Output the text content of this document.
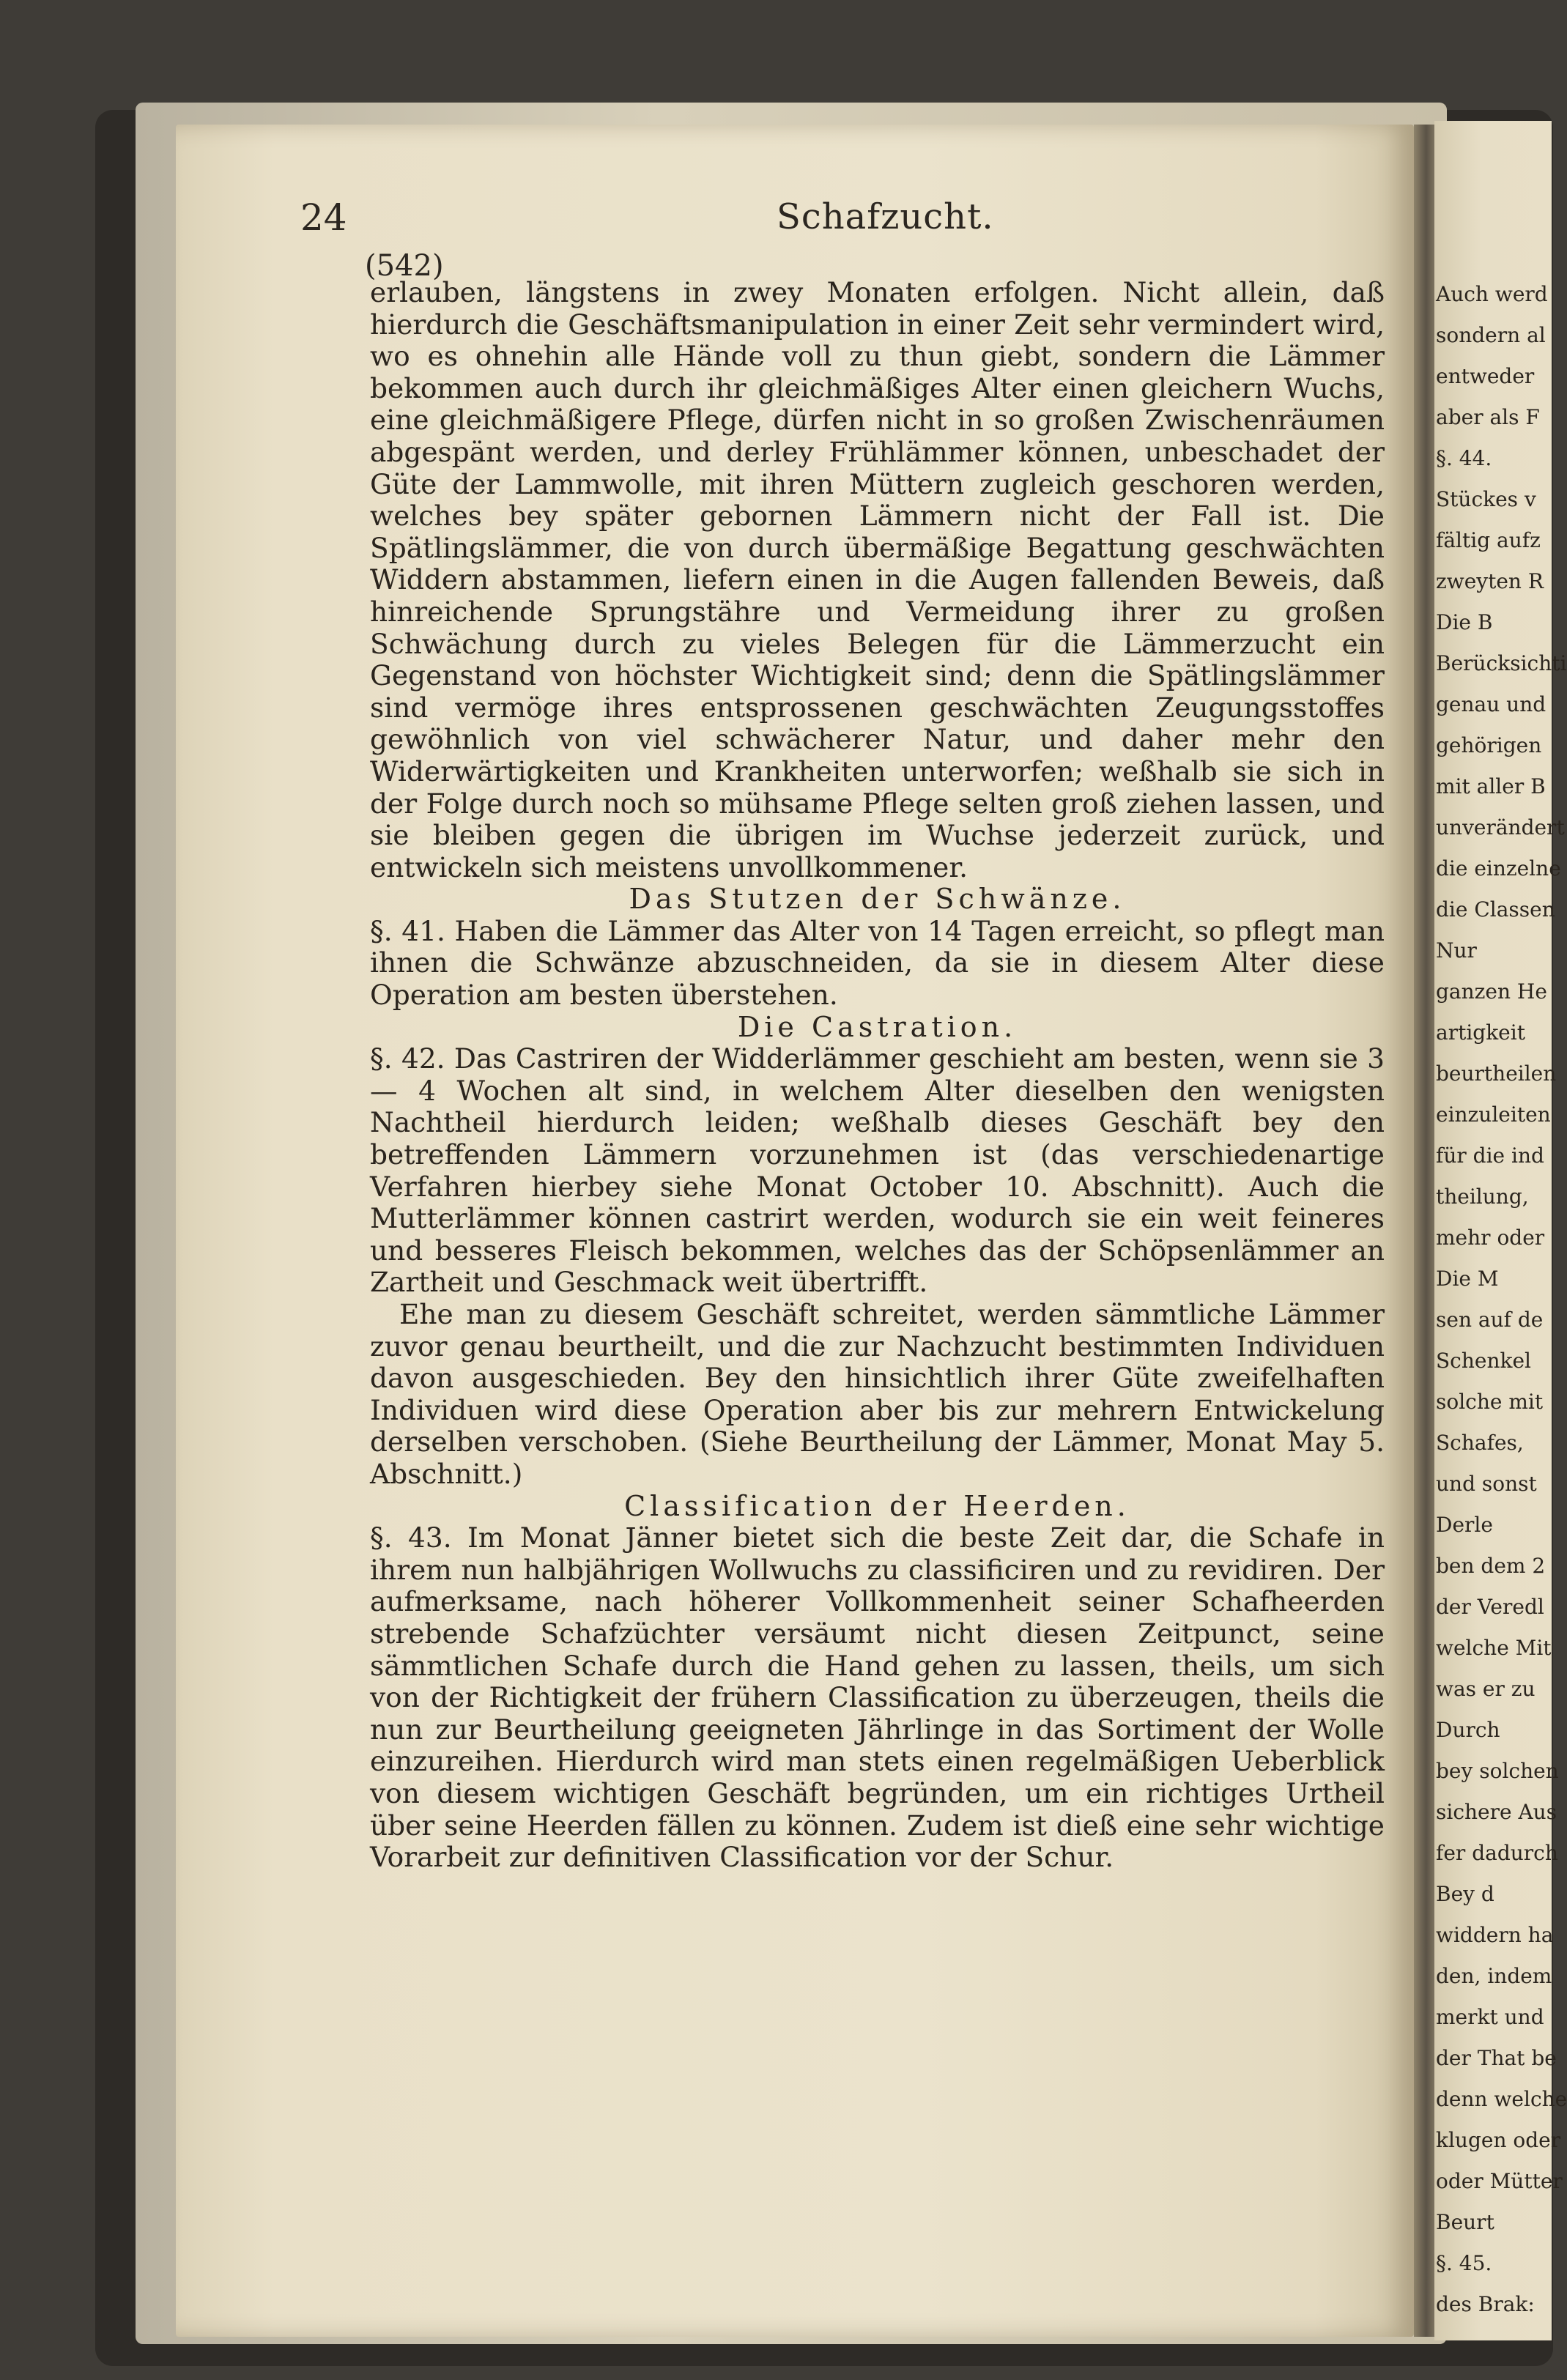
Auch werd
sondern al
entweder
aber als F
§. 44.
Stückes v
fältig aufz
zweyten R
Die B
Berücksichti
genau und
gehörigen
mit aller B
unverändert
die einzelne
die Classen
Nur
ganzen He
artigkeit
beurtheilen
einzuleiten
für die ind
theilung,
mehr oder
Die M
sen auf de
Schenkel
solche mit
Schafes,
und sonst
Derle
ben dem 2
der Veredl
welche Mit
was er zu
Durch
bey solchen
sichere Aus
fer dadurch
Bey d
widdern ha
den, indem
merkt und
der That be
denn welche
klugen oder
oder Mütter
Beurt
§. 45.
des Brak:
24	Schafzucht.
(542)

erlauben, längstens in zwey Monaten erfolgen. Nicht allein, daß hierdurch die Geschäftsmanipulation in einer Zeit sehr vermindert wird, wo es ohnehin alle Hände voll zu thun giebt, sondern die Lämmer bekommen auch durch ihr gleichmäßiges Alter einen gleichern Wuchs, eine gleichmäßigere Pflege, dürfen nicht in so großen Zwischenräumen abgespänt werden, und derley Frühlämmer können, unbeschadet der Güte der Lammwolle, mit ihren Müttern zugleich geschoren werden, welches bey später gebornen Lämmern nicht der Fall ist. Die Spätlingslämmer, die von durch übermäßige Begattung geschwächten Widdern abstammen, liefern einen in die Augen fallenden Beweis, daß hinreichende Sprungstähre und Vermeidung ihrer zu großen Schwächung durch zu vieles Belegen für die Lämmerzucht ein Gegenstand von höchster Wichtigkeit sind; denn die Spätlingslämmer sind vermöge ihres entsprossenen geschwächten Zeugungsstoffes gewöhnlich von viel schwächerer Natur, und daher mehr den Widerwärtigkeiten und Krankheiten unterworfen; weßhalb sie sich in der Folge durch noch so mühsame Pflege selten groß ziehen lassen, und sie bleiben gegen die übrigen im Wuchse jederzeit zurück, und entwickeln sich meistens unvollkommener.

Das Stutzen der Schwänze.

§. 41. Haben die Lämmer das Alter von 14 Tagen erreicht, so pflegt man ihnen die Schwänze abzuschneiden, da sie in diesem Alter diese Operation am besten überstehen.

Die Castration.

§. 42. Das Castriren der Widderlämmer geschieht am besten, wenn sie 3 — 4 Wochen alt sind, in welchem Alter dieselben den wenigsten Nachtheil hierdurch leiden; weßhalb dieses Geschäft bey den betreffenden Lämmern vorzunehmen ist (das verschiedenartige Verfahren hierbey siehe Monat October 10. Abschnitt). Auch die Mutterlämmer können castrirt werden, wodurch sie ein weit feineres und besseres Fleisch bekommen, welches das der Schöpsenlämmer an Zartheit und Geschmack weit übertrifft.

Ehe man zu diesem Geschäft schreitet, werden sämmtliche Lämmer zuvor genau beurtheilt, und die zur Nachzucht bestimmten Individuen davon ausgeschieden. Bey den hinsichtlich ihrer Güte zweifelhaften Individuen wird diese Operation aber bis zur mehrern Entwickelung derselben verschoben. (Siehe Beurtheilung der Lämmer, Monat May 5. Abschnitt.)

Classification der Heerden.

§. 43. Im Monat Jänner bietet sich die beste Zeit dar, die Schafe in ihrem nun halbjährigen Wollwuchs zu classificiren und zu revidiren. Der aufmerksame, nach höherer Vollkommenheit seiner Schafheerden strebende Schafzüchter versäumt nicht diesen Zeitpunct, seine sämmtlichen Schafe durch die Hand gehen zu lassen, theils, um sich von der Richtigkeit der frühern Classification zu überzeugen, theils die nun zur Beurtheilung geeigneten Jährlinge in das Sortiment der Wolle einzureihen. Hierdurch wird man stets einen regelmäßigen Ueberblick von diesem wichtigen Geschäft begründen, um ein richtiges Urtheil über seine Heerden fällen zu können. Zudem ist dieß eine sehr wichtige Vorarbeit zur definitiven Classification vor der Schur.
